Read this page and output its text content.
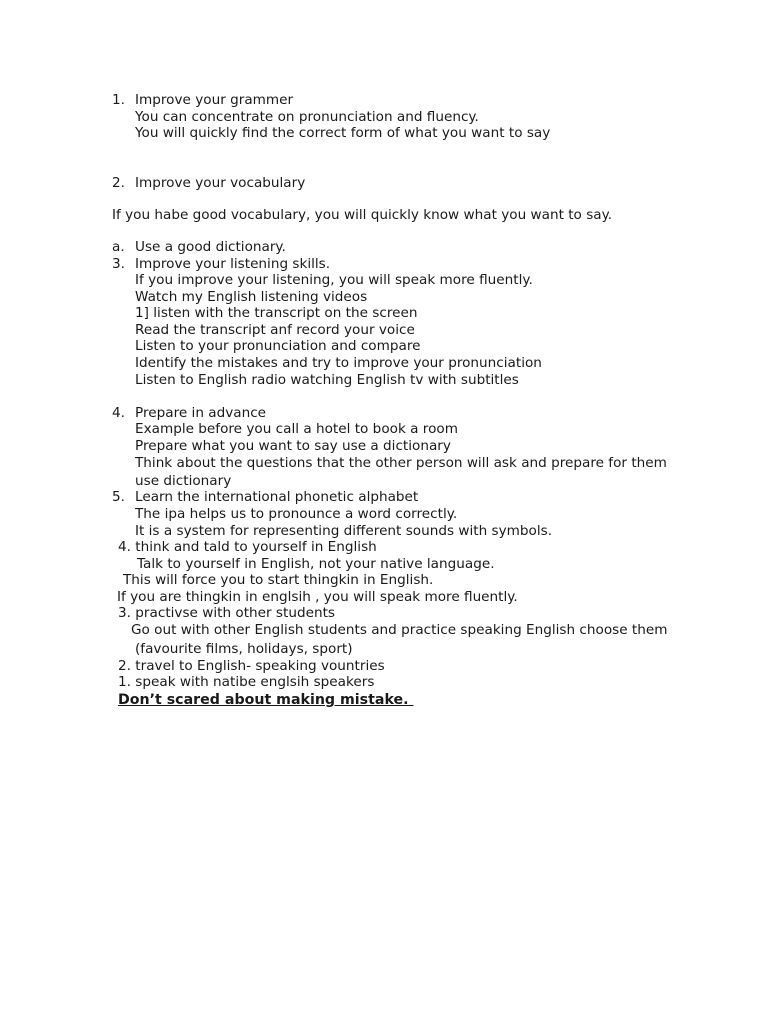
1. Improve your grammer
You can concentrate on pronunciation and fluency.
You will quickly find the correct form of what you want to say
2. Improve your vocabulary
If you habe good vocabulary, you will quickly know what you want to say.
a. Use a good dictionary.
3. Improve your listening skills.
If you improve your listening, you will speak more fluently.
Watch my English listening videos
1] listen with the transcript on the screen
Read the transcript anf record your voice
Listen to your pronunciation and compare
Identify the mistakes and try to improve your pronunciation
Listen to English radio watching English tv with subtitles
4. Prepare in advance
Example before you call a hotel to book a room
Prepare what you want to say use a dictionary
Think about the questions that the other person will ask and prepare for them
use dictionary
5. Learn the international phonetic alphabet
The ipa helps us to pronounce a word correctly.
It is a system for representing different sounds with symbols.
4. think and tald to yourself in English
Talk to yourself in English, not your native language.
This will force you to start thingkin in English.
If you are thingkin in englsih , you will speak more fluently.
3. practivse with other students
Go out with other English students and practice speaking English choose them
(favourite films, holidays, sport)
2. travel to English- speaking vountries
1. speak with natibe englsih speakers
Don’t scared about making mistake.
